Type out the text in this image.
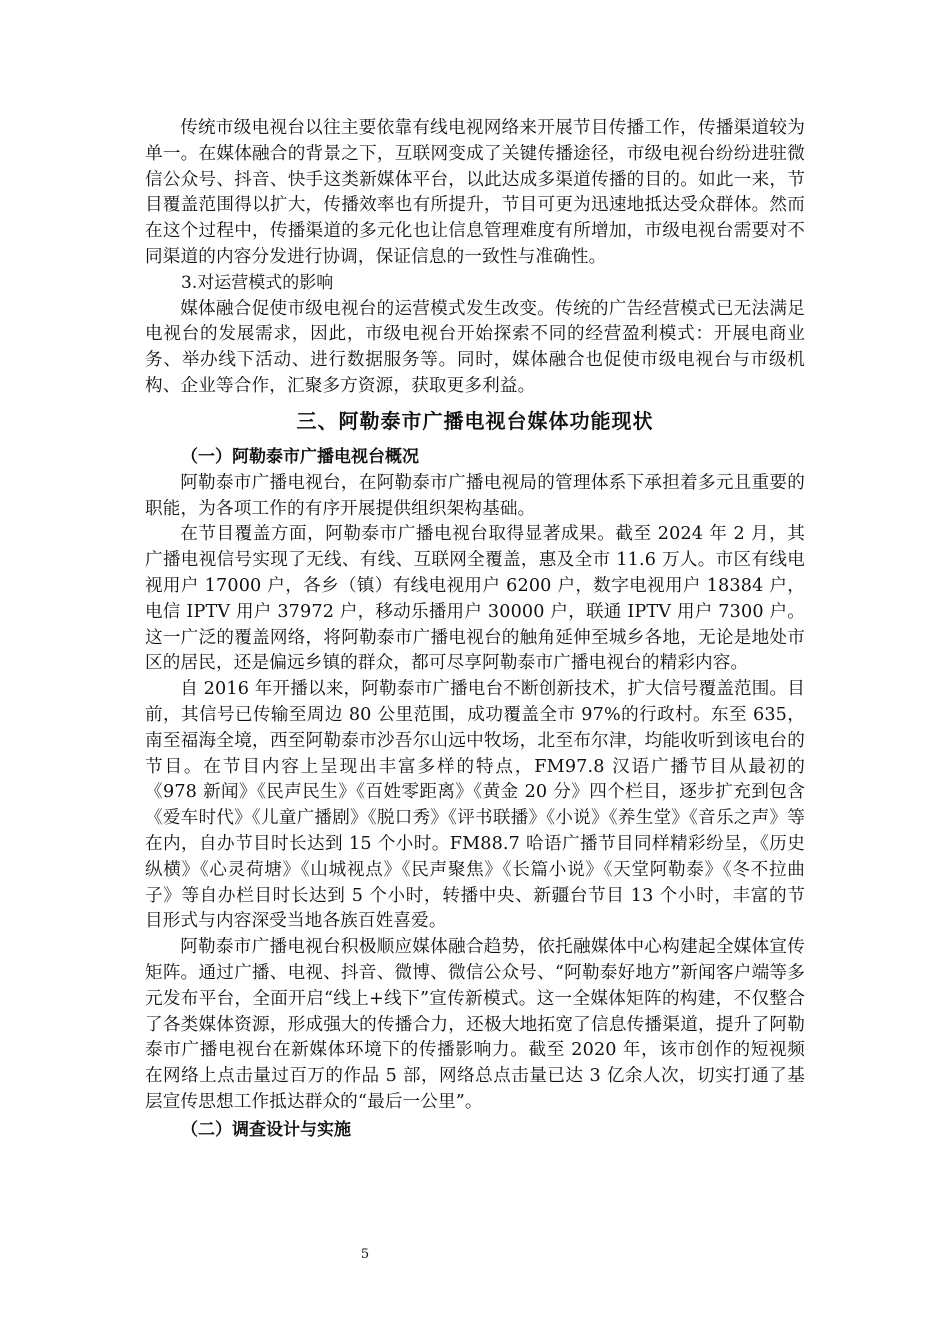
传统市级电视台以往主要依靠有线电视网络来开展节目传播工作，传播渠道较为单一。在媒体融合的背景之下，互联网变成了关键传播途径，市级电视台纷纷进驻微信公众号、抖音、快手这类新媒体平台，以此达成多渠道传播的目的。如此一来，节目覆盖范围得以扩大，传播效率也有所提升，节目可更为迅速地抵达受众群体。然而在这个过程中，传播渠道的多元化也让信息管理难度有所增加，市级电视台需要对不同渠道的内容分发进行协调，保证信息的一致性与准确性。

3.对运营模式的影响

媒体融合促使市级电视台的运营模式发生改变。传统的广告经营模式已无法满足电视台的发展需求，因此，市级电视台开始探索不同的经营盈利模式：开展电商业务、举办线下活动、进行数据服务等。同时，媒体融合也促使市级电视台与市级机构、企业等合作，汇聚多方资源，获取更多利益。

三、阿勒泰市广播电视台媒体功能现状

（一）阿勒泰市广播电视台概况

阿勒泰市广播电视台，在阿勒泰市广播电视局的管理体系下承担着多元且重要的职能，为各项工作的有序开展提供组织架构基础。

在节目覆盖方面，阿勒泰市广播电视台取得显著成果。截至 2024 年 2 月，其广播电视信号实现了无线、有线、互联网全覆盖，惠及全市 11.6 万人。市区有线电视用户 17000 户，各乡（镇）有线电视用户 6200 户，数字电视用户 18384 户，电信 IPTV 用户 37972 户，移动乐播用户 30000 户，联通 IPTV 用户 7300 户。这一广泛的覆盖网络，将阿勒泰市广播电视台的触角延伸至城乡各地，无论是地处市区的居民，还是偏远乡镇的群众，都可尽享阿勒泰市广播电视台的精彩内容。

自 2016 年开播以来，阿勒泰市广播电台不断创新技术，扩大信号覆盖范围。目前，其信号已传输至周边 80 公里范围，成功覆盖全市 97%的行政村。东至 635，南至福海全境，西至阿勒泰市沙吾尔山远中牧场，北至布尔津，均能收听到该电台的节目。在节目内容上呈现出丰富多样的特点，FM97.8 汉语广播节目从最初的《978 新闻》《民声民生》《百姓零距离》《黄金 20 分》四个栏目，逐步扩充到包含《爱车时代》《儿童广播剧》《脱口秀》《评书联播》《小说》《养生堂》《音乐之声》等在内，自办节目时长达到 15 个小时。FM88.7 哈语广播节目同样精彩纷呈，《历史纵横》《心灵荷塘》《山城视点》《民声聚焦》《长篇小说》《天堂阿勒泰》《冬不拉曲子》等自办栏目时长达到 5 个小时，转播中央、新疆台节目 13 个小时，丰富的节目形式与内容深受当地各族百姓喜爱。

阿勒泰市广播电视台积极顺应媒体融合趋势，依托融媒体中心构建起全媒体宣传矩阵。通过广播、电视、抖音、微博、微信公众号、“阿勒泰好地方”新闻客户端等多元发布平台，全面开启“线上+线下”宣传新模式。这一全媒体矩阵的构建，不仅整合了各类媒体资源，形成强大的传播合力，还极大地拓宽了信息传播渠道，提升了阿勒泰市广播电视台在新媒体环境下的传播影响力。截至 2020 年，该市创作的短视频在网络上点击量过百万的作品 5 部，网络总点击量已达 3 亿余人次，切实打通了基层宣传思想工作抵达群众的“最后一公里”。

（二）调查设计与实施

5
